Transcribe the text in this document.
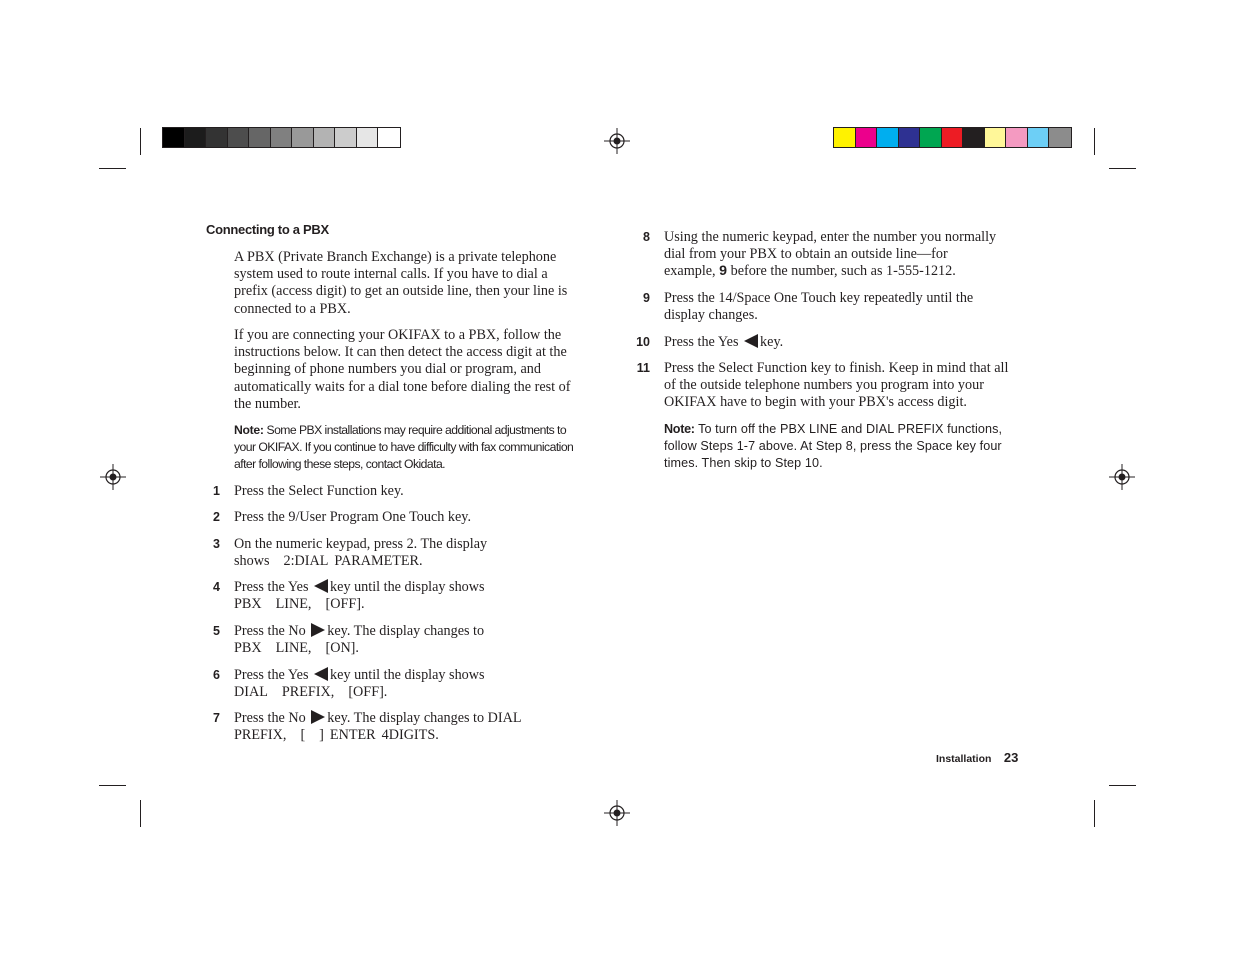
Connecting to a PBX
A PBX (Private Branch Exchange) is a private telephone system used to route internal calls. If you have to dial a prefix (access digit) to get an outside line, then your line is connected to a PBX.
If you are connecting your OKIFAX to a PBX, follow the instructions below. It can then detect the access digit at the beginning of phone numbers you dial or program, and automatically waits for a dial tone before dialing the rest of the number.
Note: Some PBX installations may require additional adjustments to your OKIFAX. If you continue to have difficulty with fax communication after following these steps, contact Okidata.
1 Press the Select Function key.
2 Press the 9/User Program One Touch key.
3 On the numeric keypad, press 2. The display
shows 2:DIAL PARAMETER.
4 Press the Yes key until the display shows
PBX LINE, [OFF].
5 Press the No key. The display changes to
PBX LINE, [ON].
6 Press the Yes key until the display shows
DIAL PREFIX, [OFF].
7 Press the No key. The display changes to DIAL
PREFIX, [ ] ENTER 4DIGITS.
8 Using the numeric keypad, enter the number you normally
dial from your PBX to obtain an outside line—for
example, 9 before the number, such as 1-555-1212.
9 Press the 14/Space One Touch key repeatedly until the display changes.
10 Press the Yes key.
11 Press the Select Function key to finish. Keep in mind that all of the outside telephone numbers you program into your OKIFAX have to begin with your PBX's access digit.
Note: To turn off the PBX LINE and DIAL PREFIX functions, follow Steps 1-7 above. At Step 8, press the Space key four times. Then skip to Step 10.
Installation 23
